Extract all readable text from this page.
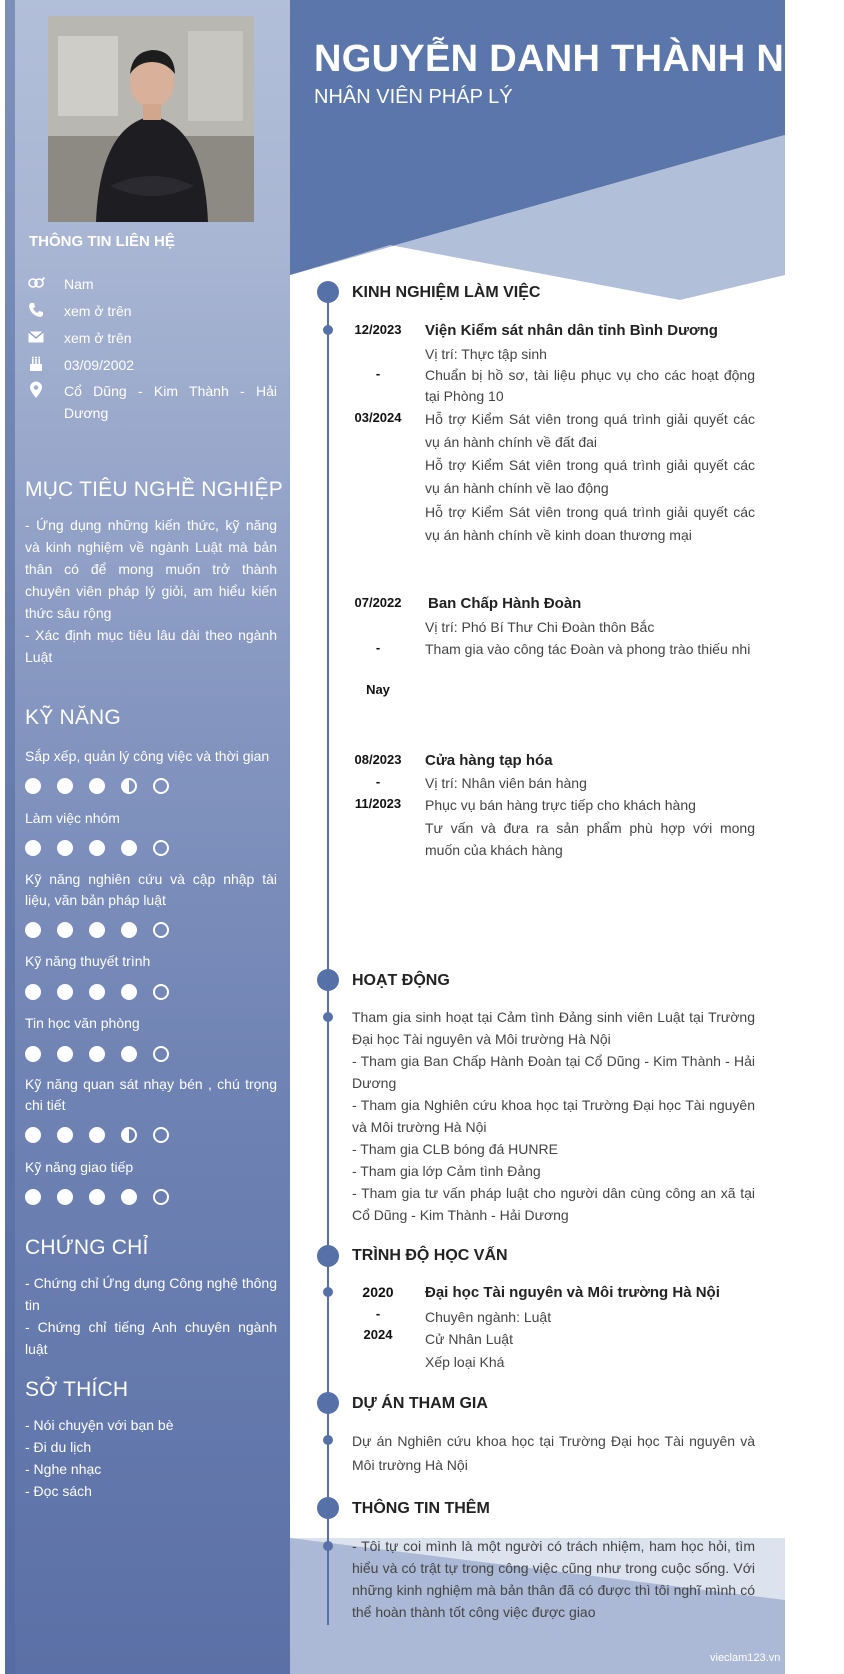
NGUYỄN DANH THÀNH NAM
NHÂN VIÊN PHÁP LÝ
THÔNG TIN LIÊN HỆ
Nam
xem ở trên
xem ở trên
03/09/2002
Cổ Dũng - Kim Thành - Hải Dương
MỤC TIÊU NGHỀ NGHIỆP
- Ứng dụng những kiến thức, kỹ năng và kinh nghiệm về ngành Luật mà bản thân có để mong muốn trở thành chuyên viên pháp lý giỏi, am hiểu kiến thức sâu rộng
- Xác định mục tiêu lâu dài theo ngành Luật
KỸ NĂNG
Sắp xếp, quản lý công việc và thời gian
Làm việc nhóm
Kỹ năng nghiên cứu và cập nhập tài liệu, văn bản pháp luật
Kỹ năng thuyết trình
Tin học văn phòng
Kỹ năng quan sát nhạy bén , chú trọng chi tiết
Kỹ năng giao tiếp
CHỨNG CHỈ
- Chứng chỉ Ứng dụng Công nghệ thông tin
- Chứng chỉ tiếng Anh chuyên ngành luật
SỞ THÍCH
- Nói chuyện với bạn bè
- Đi du lịch
- Nghe nhạc
- Đọc sách
KINH NGHIỆM LÀM VIỆC
12/2023
-
03/2024
Viện Kiểm sát nhân dân tỉnh Bình Dương
Vị trí: Thực tập sinh
Chuẩn bị hồ sơ, tài liệu phục vụ cho các hoạt động tại Phòng 10
Hỗ trợ Kiểm Sát viên trong quá trình giải quyết các vụ án hành chính về đất đai
Hỗ trợ Kiểm Sát viên trong quá trình giải quyết các vụ án hành chính về lao động
Hỗ trợ Kiểm Sát viên trong quá trình giải quyết các vụ án hành chính về kinh doan thương mại
07/2022
-
Nay
Ban Chấp Hành Đoàn
Vị trí: Phó Bí Thư Chi Đoàn thôn Bắc
Tham gia vào công tác Đoàn và phong trào thiếu nhi
08/2023
-
11/2023
Cửa hàng tạp hóa
Vị trí: Nhân viên bán hàng
Phục vụ bán hàng trực tiếp cho khách hàng
Tư vấn và đưa ra sản phẩm phù hợp với mong muốn của khách hàng
HOẠT ĐỘNG
Tham gia sinh hoạt tại Cảm tình Đảng sinh viên Luật tại Trường Đại học Tài nguyên và Môi trường Hà Nội
- Tham gia Ban Chấp Hành Đoàn tại Cổ Dũng - Kim Thành - Hải Dương
- Tham gia Nghiên cứu khoa học tại Trường Đại học Tài nguyên và Môi trường Hà Nội
- Tham gia CLB bóng đá HUNRE
- Tham gia lớp Cảm tình Đảng
- Tham gia tư vấn pháp luật cho người dân cùng công an xã tại Cổ Dũng - Kim Thành - Hải Dương
TRÌNH ĐỘ HỌC VẤN
2020
-
2024
Đại học Tài nguyên và Môi trường Hà Nội
Chuyên ngành: Luật
Cử Nhân Luật
Xếp loại Khá
DỰ ÁN THAM GIA
Dự án Nghiên cứu khoa học tại Trường Đại học Tài nguyên và Môi trường Hà Nội
THÔNG TIN THÊM
- Tôi tự coi mình là một người có trách nhiệm, ham học hỏi, tìm hiểu và có trật tự trong công việc cũng như trong cuộc sống. Với những kinh nghiệm mà bản thân đã có được thì tôi nghĩ mình có thể hoàn thành tốt công việc được giao
vieclam123.vn
